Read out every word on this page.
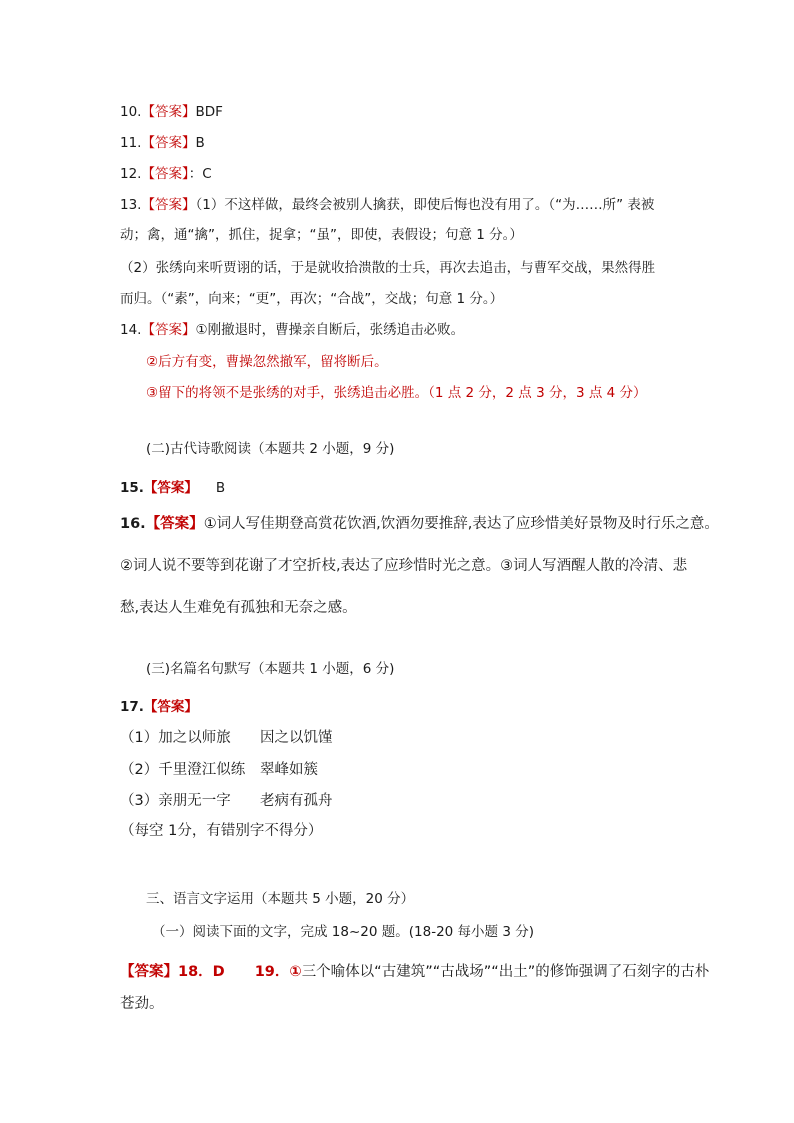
10.【答案】BDF
11.【答案】B
12.【答案】：C
13.【答案】（1）不这样做，最终会被别人擒获，即使后悔也没有用了。（“为……所” 表被
动；禽，通“擒”，抓住，捉拿；“虽”，即使，表假设；句意 1 分。）
（2）张绣向来听贾诩的话，于是就收拾溃散的士兵，再次去追击，与曹军交战，果然得胜
而归。（“素”，向来；“更”，再次；“合战”，交战；句意 1 分。）
14.【答案】①刚撤退时，曹操亲自断后，张绣追击必败。
②后方有变，曹操忽然撤军，留将断后。
③留下的将领不是张绣的对手，张绣追击必胜。（1 点 2 分，2 点 3 分，3 点 4 分）
(二)古代诗歌阅读（本题共 2 小题，9 分)
15.【答案】 B
16.【答案】①词人写佳期登高赏花饮酒,饮酒勿要推辞,表达了应珍惜美好景物及时行乐之意。
②词人说不要等到花谢了才空折枝,表达了应珍惜时光之意。③词人写酒醒人散的冷清、悲
愁,表达人生难免有孤独和无奈之感。
(三)名篇名句默写（本题共 1 小题，6 分)
17.【答案】
（1）加之以师旅 因之以饥馑
（2）千里澄江似练 翠峰如簇
（3）亲朋无一字 老病有孤舟
（每空 1分，有错别字不得分）
三、语言文字运用（本题共 5 小题，20 分）
（一）阅读下面的文字，完成 18~20 题。(18-20 每小题 3 分)
【答案】18．D 19．①三个喻体以“古建筑”“古战场”“出土”的修饰强调了石刻字的古朴
苍劲。
